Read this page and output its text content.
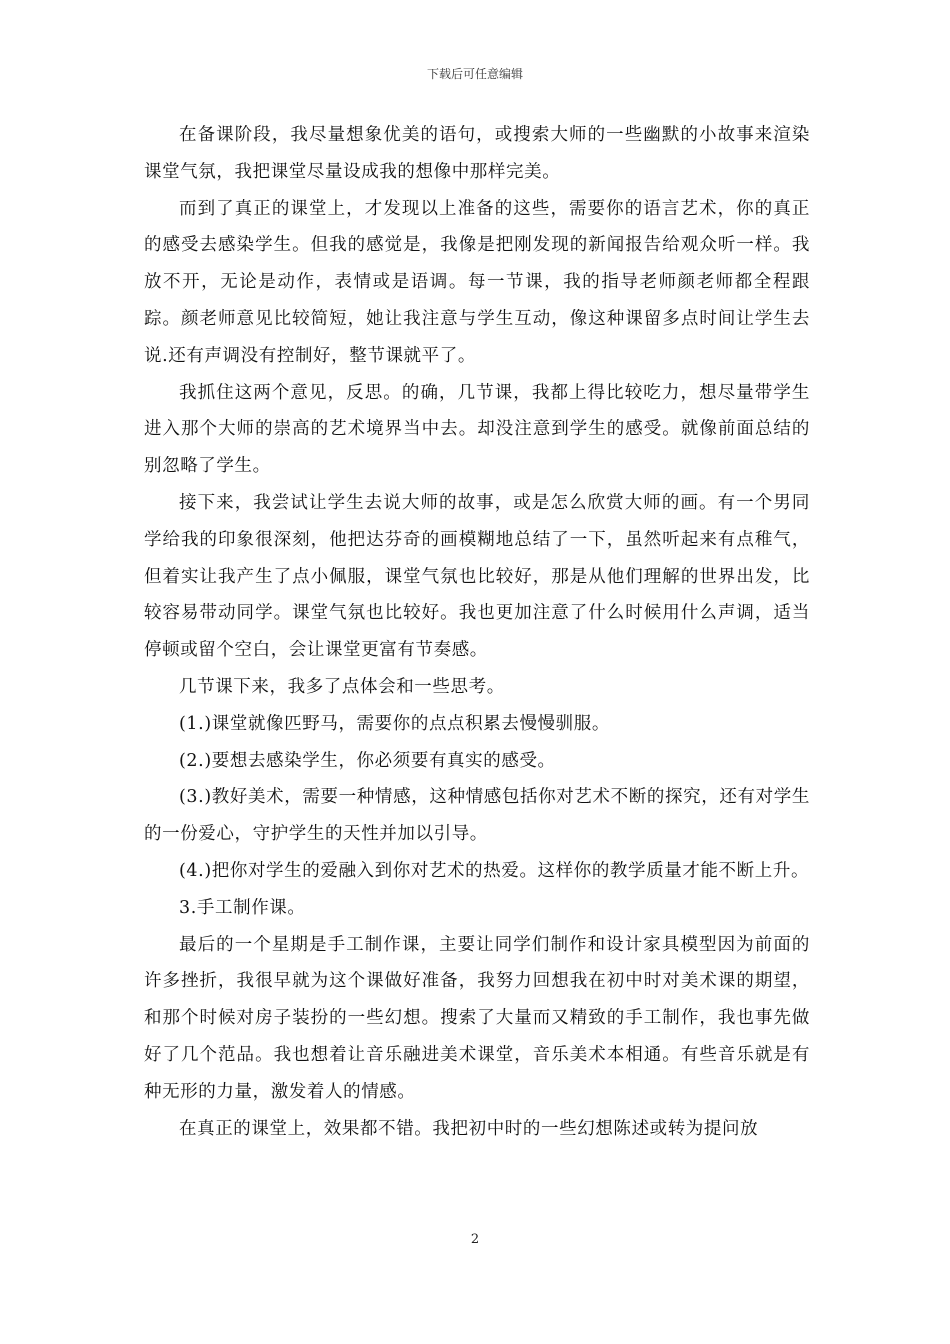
下载后可任意编辑

在备课阶段，我尽量想象优美的语句，或搜索大师的一些幽默的小故事来渲染课堂气氛，我把课堂尽量设成我的想像中那样完美。

而到了真正的课堂上，才发现以上准备的这些，需要你的语言艺术，你的真正的感受去感染学生。但我的感觉是，我像是把刚发现的新闻报告给观众听一样。我放不开，无论是动作，表情或是语调。每一节课，我的指导老师颜老师都全程跟踪。颜老师意见比较简短，她让我注意与学生互动，像这种课留多点时间让学生去说.还有声调没有控制好，整节课就平了。

我抓住这两个意见，反思。的确，几节课，我都上得比较吃力，想尽量带学生进入那个大师的崇高的艺术境界当中去。却没注意到学生的感受。就像前面总结的别忽略了学生。

接下来，我尝试让学生去说大师的故事，或是怎么欣赏大师的画。有一个男同学给我的印象很深刻，他把达芬奇的画模糊地总结了一下，虽然听起来有点稚气，但着实让我产生了点小佩服，课堂气氛也比较好，那是从他们理解的世界出发，比较容易带动同学。课堂气氛也比较好。我也更加注意了什么时候用什么声调，适当停顿或留个空白，会让课堂更富有节奏感。

几节课下来，我多了点体会和一些思考。

(1.)课堂就像匹野马，需要你的点点积累去慢慢驯服。

(2.)要想去感染学生，你必须要有真实的感受。

(3.)教好美术，需要一种情感，这种情感包括你对艺术不断的探究，还有对学生的一份爱心，守护学生的天性并加以引导。

(4.)把你对学生的爱融入到你对艺术的热爱。这样你的教学质量才能不断上升。

3.手工制作课。

最后的一个星期是手工制作课，主要让同学们制作和设计家具模型因为前面的许多挫折，我很早就为这个课做好准备，我努力回想我在初中时对美术课的期望，和那个时候对房子装扮的一些幻想。搜索了大量而又精致的手工制作，我也事先做好了几个范品。我也想着让音乐融进美术课堂，音乐美术本相通。有些音乐就是有种无形的力量，激发着人的情感。

在真正的课堂上，效果都不错。我把初中时的一些幻想陈述或转为提问放

2
